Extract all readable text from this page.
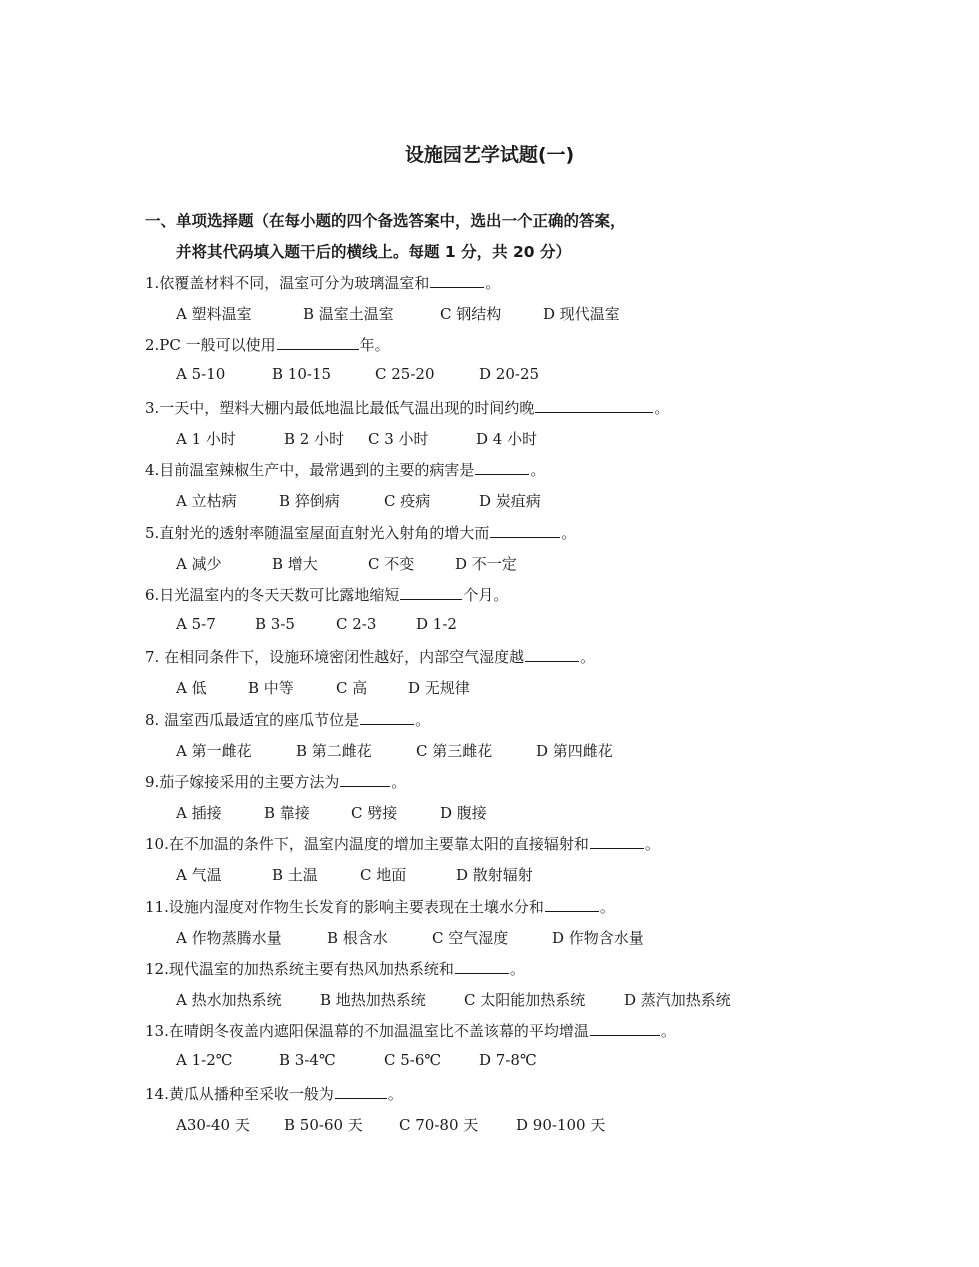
设施园艺学试题(一)
一、单项选择题（在每小题的四个备选答案中，选出一个正确的答案，
并将其代码填入题干后的横线上。每题 1 分，共 20 分）
1.依覆盖材料不同，温室可分为玻璃温室和	。
A 塑料温室	B 温室土温室	C 钢结构	D 现代温室
2.PC 一般可以使用	年。
A 5-10	B 10-15	C 25-20	D 20-25
3.一天中，塑料大棚内最低地温比最低气温出现的时间约晚	。
A 1 小时	B 2 小时 C 3 小时	D 4 小时
4.目前温室辣椒生产中，最常遇到的主要的病害是	。
A 立枯病	B 猝倒病	C 疫病	D 炭疽病
5.直射光的透射率随温室屋面直射光入射角的增大而	。
A 减少	B 增大	C 不变	D 不一定
6.日光温室内的冬天天数可比露地缩短	个月。
A 5-7	B 3-5	C 2-3	D 1-2
7. 在相同条件下，设施环境密闭性越好，内部空气湿度越	。
A 低	B 中等	C 高	D 无规律
8. 温室西瓜最适宜的座瓜节位是	。
A 第一雌花	B 第二雌花	C 第三雌花	D 第四雌花
9.茄子嫁接采用的主要方法为	。
A 插接	B 靠接	C 劈接	D 腹接
10.在不加温的条件下，温室内温度的增加主要靠太阳的直接辐射和	。
A 气温	B 土温	C 地面	D 散射辐射
11.设施内湿度对作物生长发育的影响主要表现在土壤水分和	。
A 作物蒸腾水量	B 根含水	C 空气湿度	D 作物含水量
12.现代温室的加热系统主要有热风加热系统和	。
A 热水加热系统	B 地热加热系统	C 太阳能加热系统	D 蒸汽加热系统
13.在晴朗冬夜盖内遮阳保温幕的不加温温室比不盖该幕的平均增温	。
A 1-2℃	B 3-4℃	C 5-6℃	D 7-8℃
14.黄瓜从播种至采收一般为	。
A30-40 天 B 50-60 天 C 70-80 天	D 90-100 天
